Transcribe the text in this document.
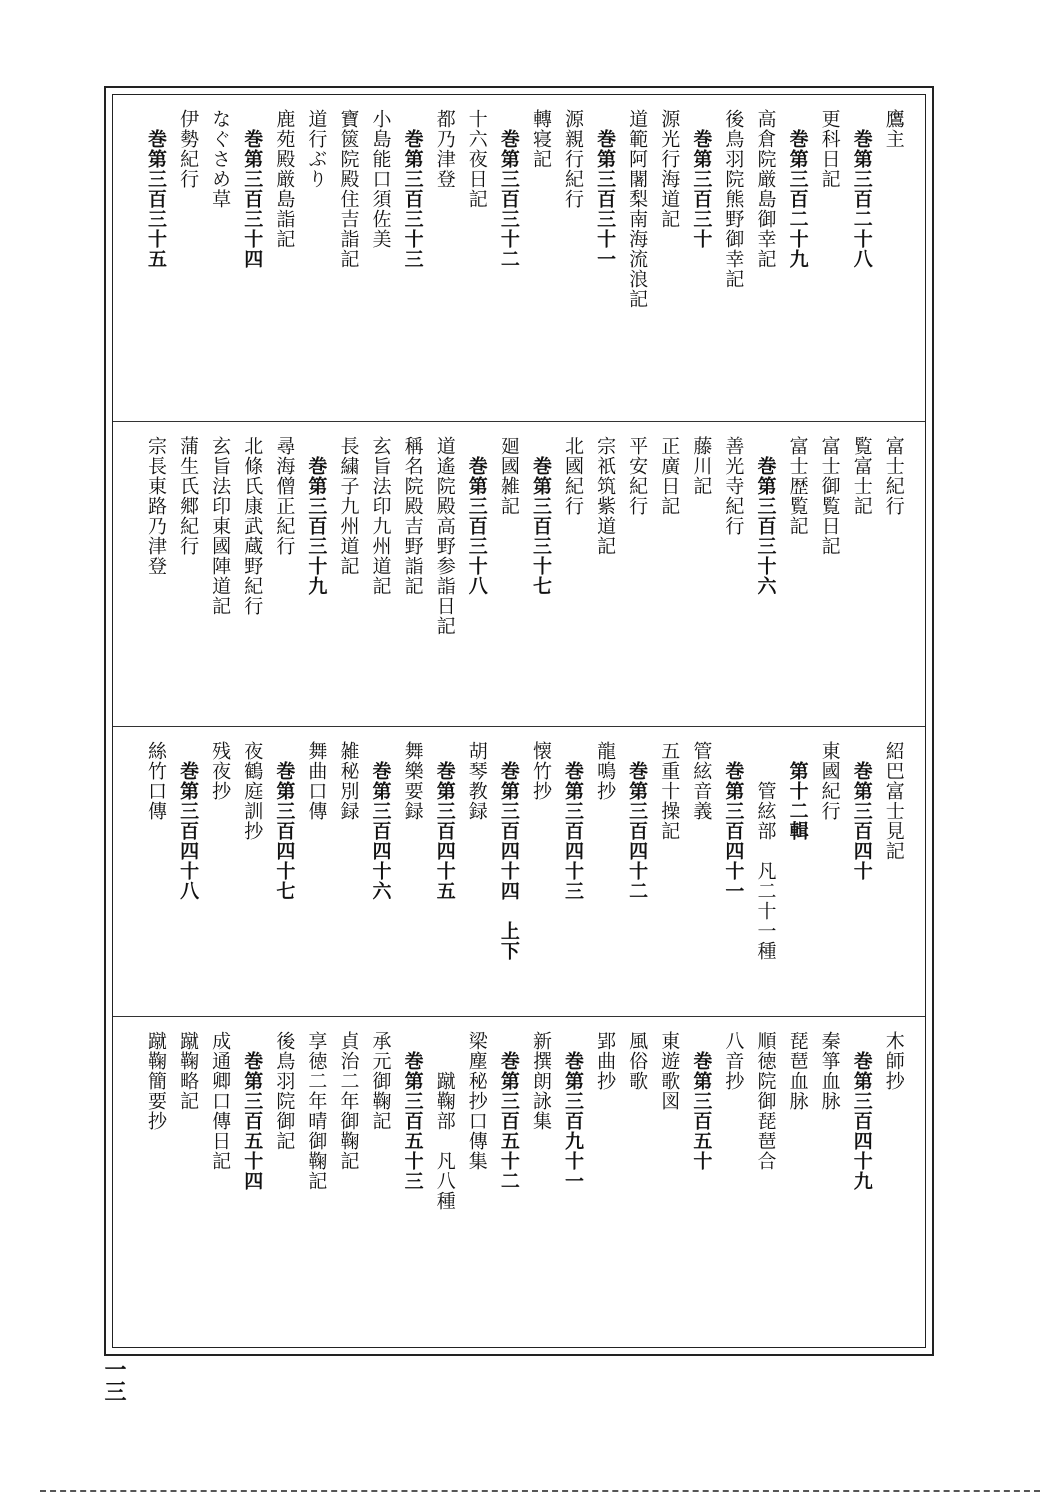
鷹主
巻第三百二十八
更科日記
巻第三百二十九
高倉院厳島御幸記
後鳥羽院熊野御幸記
巻第三百三十
源光行海道記
道範阿闍梨南海流浪記
巻第三百三十一
源親行紀行
轉寝記
巻第三百三十二
十六夜日記
都乃津登
巻第三百三十三
小島能口須佐美
寶篋院殿住吉詣記
道行ぶり
鹿苑殿厳島詣記
巻第三百三十四
なぐさめ草
伊勢紀行
巻第三百三十五
富士紀行
覧富士記
富士御覧日記
富士歴覧記
巻第三百三十六
善光寺紀行
藤川記
正廣日記
平安紀行
宗祇筑紫道記
北國紀行
巻第三百三十七
廻國雑記
巻第三百三十八
道遙院殿高野参詣日記
稱名院殿吉野詣記
玄旨法印九州道記
長繍子九州道記
巻第三百三十九
尋海僧正紀行
北條氏康武蔵野紀行
玄旨法印東國陣道記
蒲生氏郷紀行
宗長東路乃津登
紹巴富士見記
巻第三百四十
東國紀行
第十二輯
管絃部　凡二十一種
巻第三百四十一
管絃音義
五重十操記
巻第三百四十二
龍鳴抄
巻第三百四十三
懐竹抄
巻第三百四十四　上下
胡琴教録
巻第三百四十五
舞樂要録
巻第三百四十六
雑秘別録
舞曲口傳
巻第三百四十七
夜鶴庭訓抄
残夜抄
巻第三百四十八
絲竹口傳
木師抄
巻第三百四十九
秦箏血脉
琵琶血脉
順徳院御琵琶合
八音抄
巻第三百五十
東遊歌図
風俗歌
郢曲抄
巻第三百九十一
新撰朗詠集
巻第三百五十二
梁塵秘抄口傳集
蹴鞠部　凡八種
巻第三百五十三
承元御鞠記
貞治二年御鞠記
享徳二年晴御鞠記
後鳥羽院御記
巻第三百五十四
成通卿口傳日記
蹴鞠略記
蹴鞠簡要抄
一三
